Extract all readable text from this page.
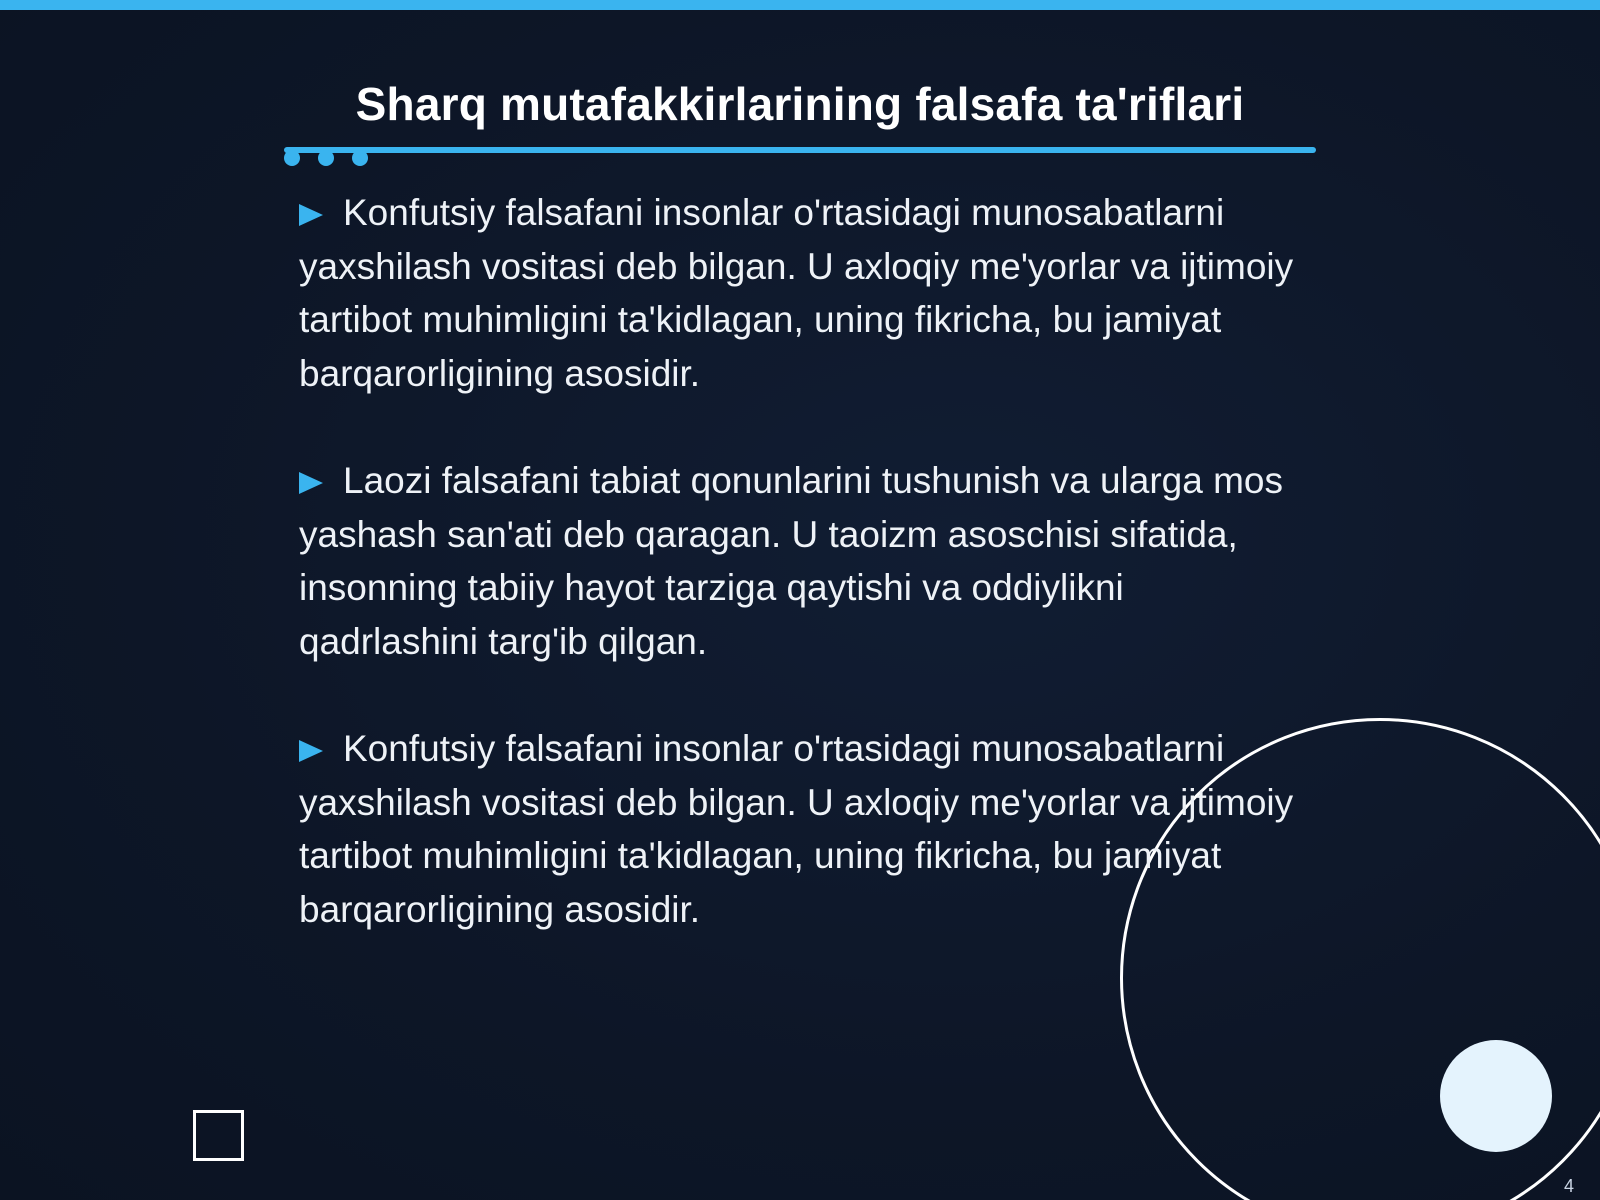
Sharq mutafakkirlarining falsafa ta'riflari
Konfutsiy falsafani insonlar o'rtasidagi munosabatlarni yaxshilash vositasi deb bilgan. U axloqiy me'yorlar va ijtimoiy tartibot muhimligini ta'kidlagan, uning fikricha, bu jamiyat barqarorligining asosidir.
Laozi falsafani tabiat qonunlarini tushunish va ularga mos yashash san'ati deb qaragan. U taoizm asoschisi sifatida, insonning tabiiy hayot tarziga qaytishi va oddiylikni qadrlashini targ'ib qilgan.
Konfutsiy falsafani insonlar o'rtasidagi munosabatlarni yaxshilash vositasi deb bilgan. U axloqiy me'yorlar va ijtimoiy tartibot muhimligini ta'kidlagan, uning fikricha, bu jamiyat barqarorligining asosidir.
4
